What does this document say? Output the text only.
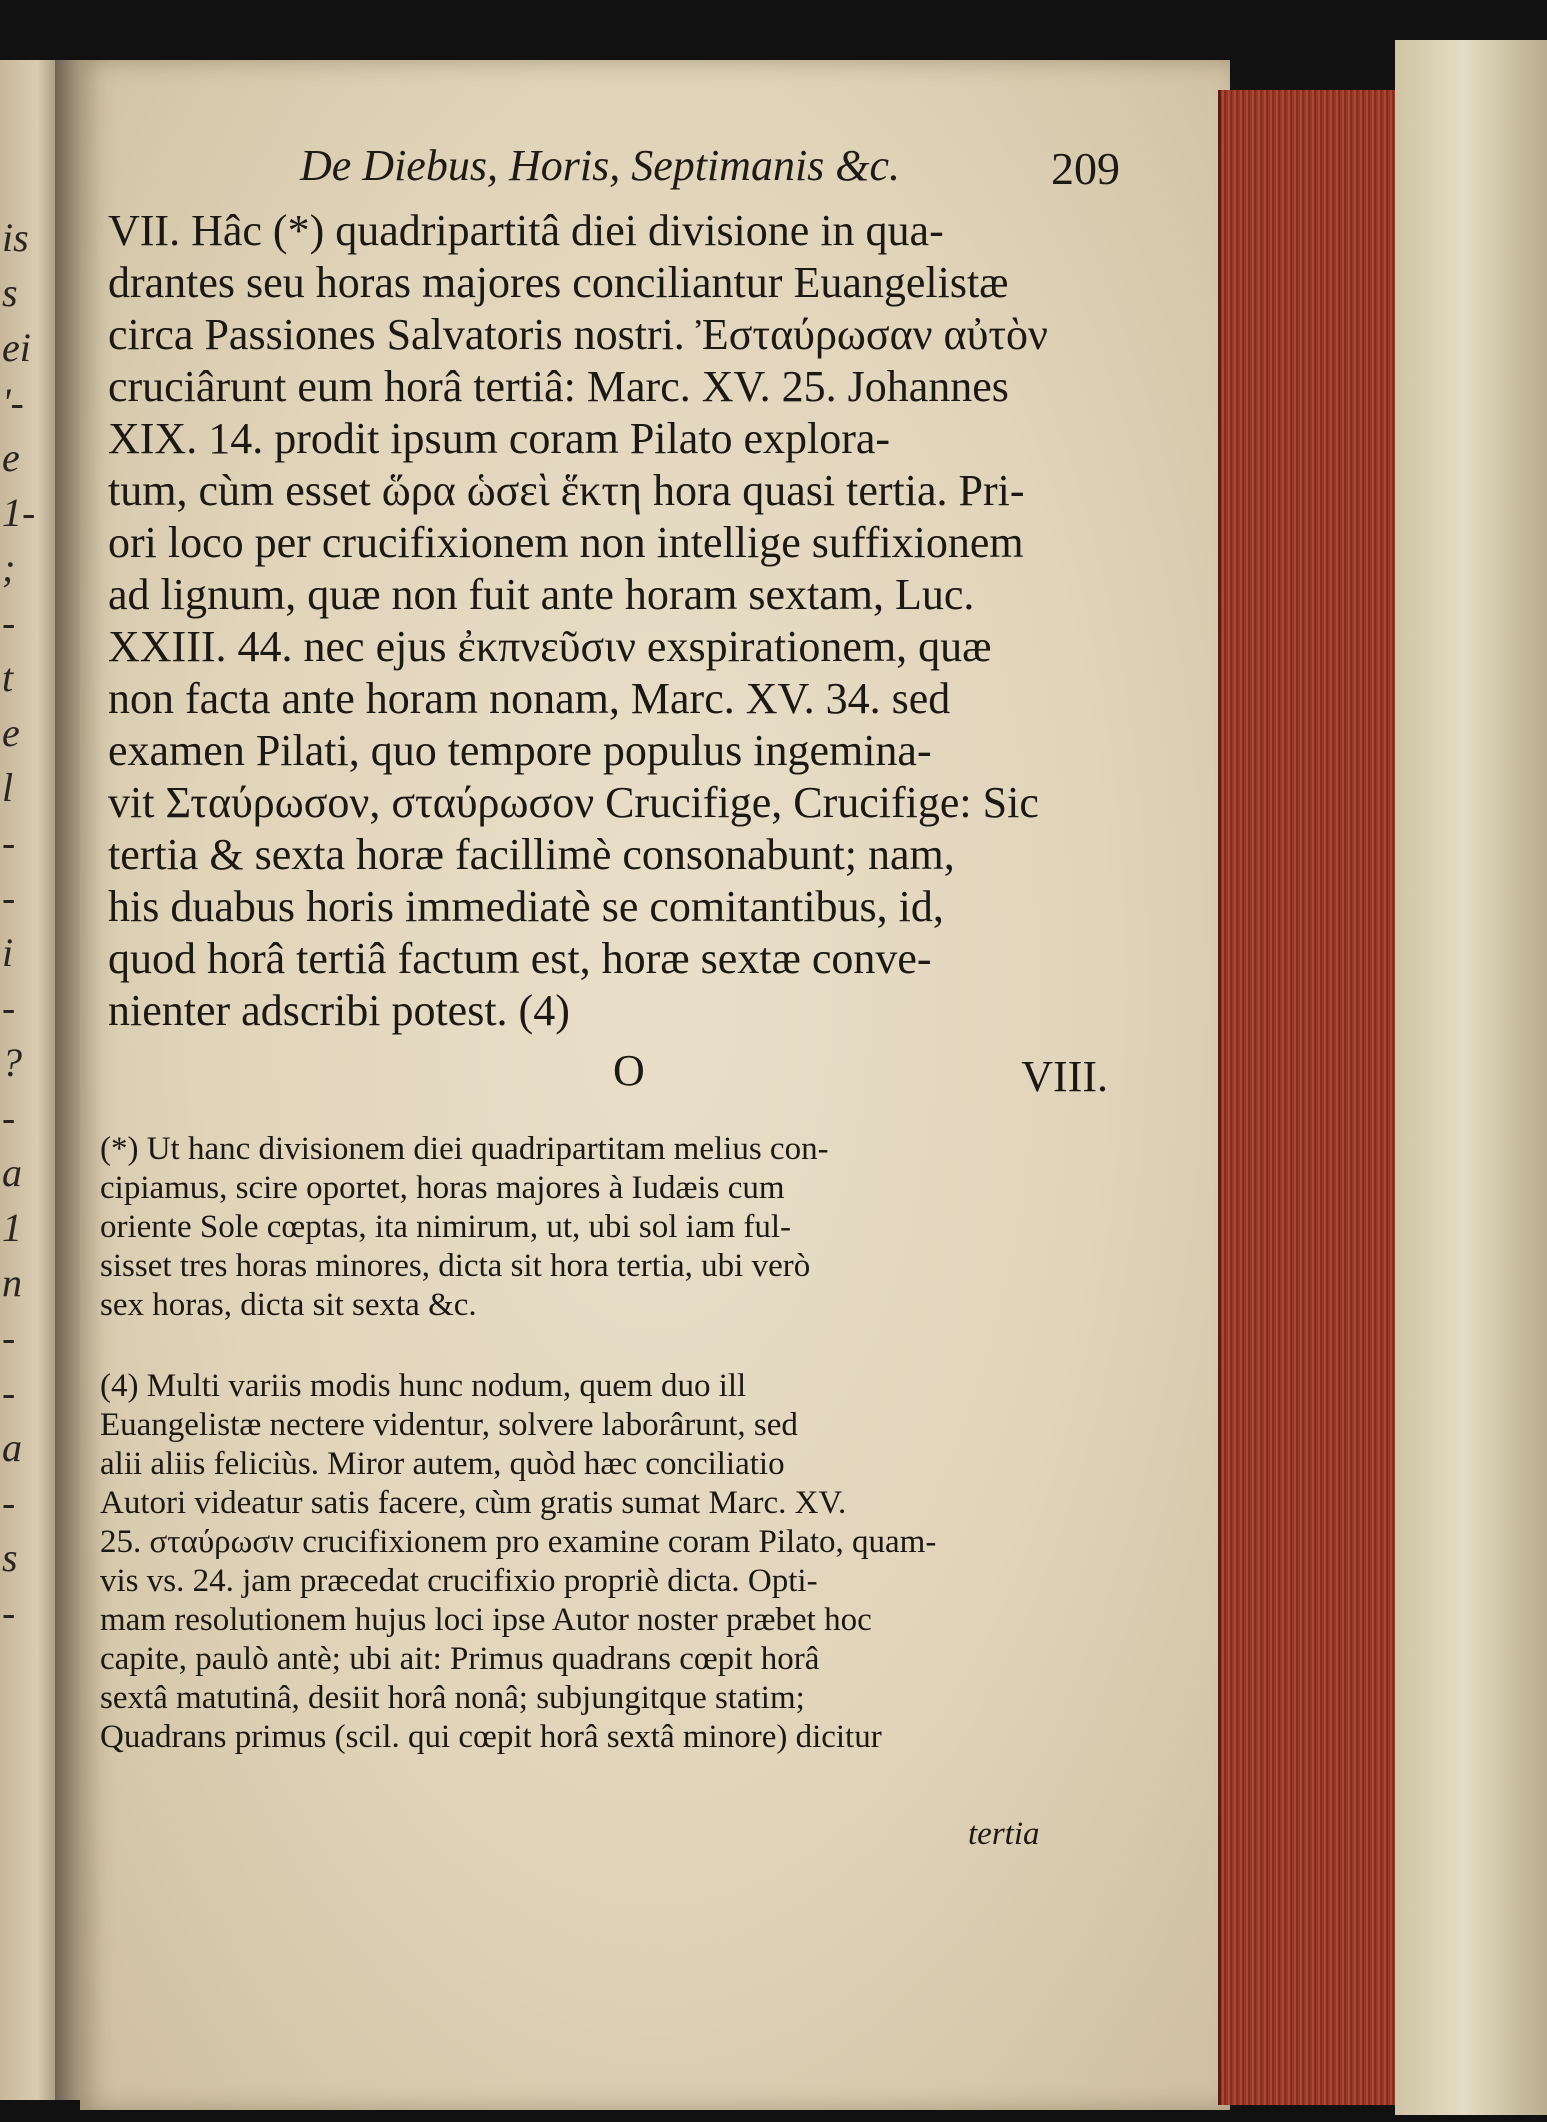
is
s
ei
'-
e
1-
;
-
t
e
l
-
-
i
-
?
-
a
1
n
-
-
a
-
s
-
De Diebus, Horis, Septimanis &c.	209
VII. Hâc (*) quadripartitâ diei divisione in qua-
drantes seu horas majores conciliantur Euangelistæ
circa Passiones Salvatoris nostri. Ἐσταύρωσαν αὐτὸν
cruciârunt eum horâ tertiâ: Marc. XV. 25. Johannes
XIX. 14. prodit ipsum coram Pilato explora-
tum, cùm esset ὥρα ὡσεὶ ἕκτη hora quasi tertia. Pri-
ori loco per crucifixionem non intellige suffixionem
ad lignum, quæ non fuit ante horam sextam, Luc.
XXIII. 44. nec ejus ἐκπνεῦσιν exspirationem, quæ
non facta ante horam nonam, Marc. XV. 34. sed
examen Pilati, quo tempore populus ingemina-
vit Σταύρωσον, σταύρωσον Crucifige, Crucifige: Sic
tertia & sexta horæ facillimè consonabunt; nam,
his duabus horis immediatè se comitantibus, id,
quod horâ tertiâ factum est, horæ sextæ conve-
nienter adscribi potest. (4)
O	VIII.
(*) Ut hanc divisionem diei quadripartitam melius con-
cipiamus, scire oportet, horas majores à Iudæis cum
oriente Sole cœptas, ita nimirum, ut, ubi sol iam ful-
sisset tres horas minores, dicta sit hora tertia, ubi verò
sex horas, dicta sit sexta &c.
(4) Multi variis modis hunc nodum, quem duo ill
Euangelistæ nectere videntur, solvere laborârunt, sed
alii aliis feliciùs. Miror autem, quòd hæc conciliatio
Autori videatur satis facere, cùm gratis sumat Marc. XV.
25. σταύρωσιν crucifixionem pro examine coram Pilato, quam-
vis vs. 24. jam præcedat crucifixio propriè dicta. Opti-
mam resolutionem hujus loci ipse Autor noster præbet hoc
capite, paulò antè; ubi ait: Primus quadrans cœpit horâ
sextâ matutinâ, desiit horâ nonâ; subjungitque statim;
Quadrans primus (scil. qui cœpit horâ sextâ minore) dicitur
tertia
